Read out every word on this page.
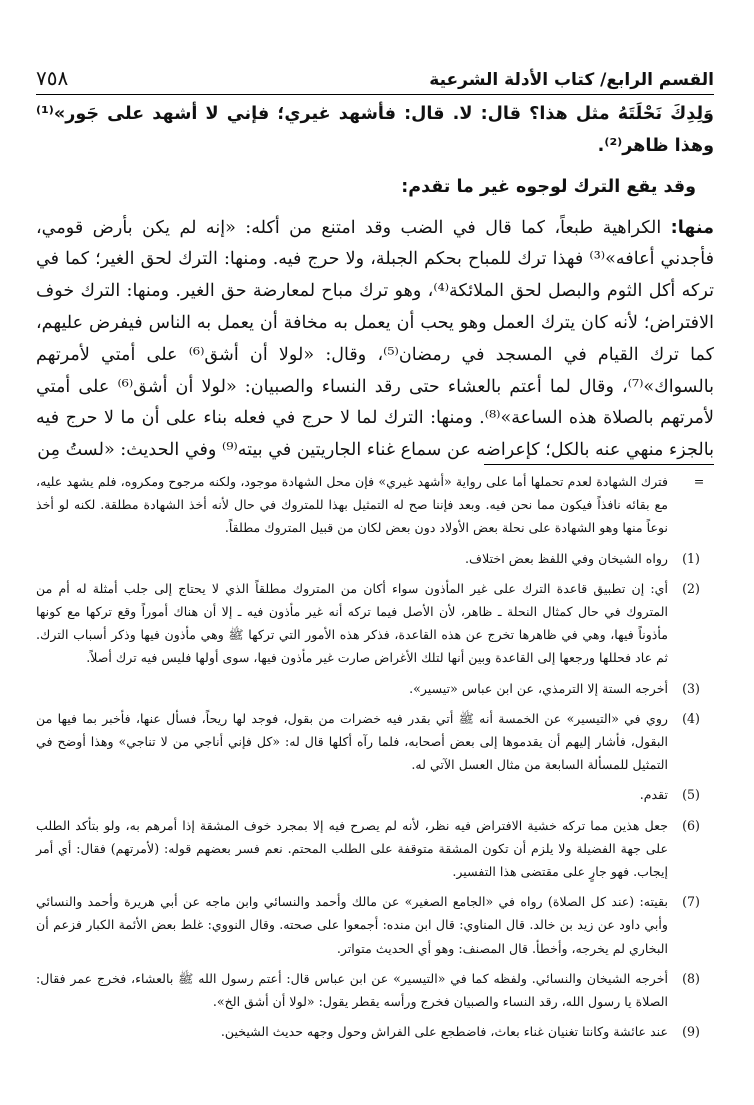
القسم الرابع/ كتاب الأدلة الشرعية
٧٥٨

وَلِدِكَ نَحْلَتَهُ مثل هذا؟ قال: لا. قال: فأشهد غيري؛ فإني لا أشهد على جَور»⁽¹⁾ وهذا ظاهر⁽²⁾.

وقد يقع الترك لوجوه غير ما تقدم:

منها: الكراهية طبعاً، كما قال في الضب وقد امتنع من أكله: «إنه لم يكن بأرض قومي، فأجدني أعافه»⁽³⁾ فهذا ترك للمباح بحكم الجبلة، ولا حرج فيه. ومنها: الترك لحق الغير؛ كما في تركه أكل الثوم والبصل لحق الملائكة⁽⁴⁾، وهو ترك مباح لمعارضة حق الغير. ومنها: الترك خوف الافتراض؛ لأنه كان يترك العمل وهو يحب أن يعمل به مخافة أن يعمل به الناس فيفرض عليهم، كما ترك القيام في المسجد في رمضان⁽⁵⁾، وقال: «لولا أن أشق⁽⁶⁾ على أمتي لأمرتهم بالسواك»⁽⁷⁾، وقال لما أعتم بالعشاء حتى رقد النساء والصبيان: «لولا أن أشق⁽⁶⁾ على أمتي لأمرتهم بالصلاة هذه الساعة»⁽⁸⁾. ومنها: الترك لما لا حرج في فعله بناء على أن ما لا حرج فيه بالجزء منهي عنه بالكل؛ كإعراضه عن سماع غناء الجاريتين في بيته⁽⁹⁾ وفي الحديث: «لستُ مِن

=
فترك الشهادة لعدم تحملها أما على رواية «أشهد غيري» فإن محل الشهادة موجود، ولكنه مرجوح ومكروه، فلم يشهد عليه، مع بقائه نافذاً فيكون مما نحن فيه. وبعد فإننا صح له التمثيل بهذا للمتروك في حال لأنه أخذ الشهادة مطلقة. لكنه لو أخذ نوعاً منها وهو الشهادة على نحلة بعض الأولاد دون بعض لكان من قبيل المتروك مطلقاً.
(1)

رواه الشيخان وفي اللفظ بعض اختلاف.

(2)

أي: إن تطبيق قاعدة الترك على غير المأذون سواء أكان من المتروك مطلقاً الذي لا يحتاج إلى جلب أمثلة له أم من المتروك في حال كمثال النحلة ـ ظاهر، لأن الأصل فيما تركه أنه غير مأذون فيه ـ إلا أن هناك أموراً وقع تركها مع كونها مأذوناً فيها، وهي في ظاهرها تخرج عن هذه القاعدة، فذكر هذه الأمور التي تركها ﷺ وهي مأذون فيها وذكر أسباب الترك. ثم عاد فحللها ورجعها إلى القاعدة وبين أنها لتلك الأغراض صارت غير مأذون فيها، سوى أولها فليس فيه ترك أصلاً.

(3)

أخرجه الستة إلا الترمذي، عن ابن عباس «تيسير».

(4)

روي في «التيسير» عن الخمسة أنه ﷺ أتي بقدر فيه خضرات من بقول، فوجد لها ريحاً، فسأل عنها، فأخبر بما فيها من البقول، فأشار إليهم أن يقدموها إلى بعض أصحابه، فلما رآه أكلها قال له: «كل فإني أناجي من لا تناجي» وهذا أوضح في التمثيل للمسألة السابعة من مثال العسل الآتي له.

(5)

تقدم.

(6)

جعل هذين مما تركه خشية الافتراض فيه نظر، لأنه لم يصرح فيه إلا بمجرد خوف المشقة إذا أمرهم به، ولو بتأكد الطلب على جهة الفضيلة ولا يلزم أن تكون المشقة متوقفة على الطلب المحتم. نعم فسر بعضهم قوله: (لأمرتهم) فقال: أي أمر إيجاب. فهو جارٍ على مقتضى هذا التفسير.

(7)

بقيته: (عند كل الصلاة) رواه في «الجامع الصغير» عن مالك وأحمد والنسائي وابن ماجه عن أبي هريرة وأحمد والنسائي وأبي داود عن زيد بن خالد. قال المناوي: قال ابن منده: أجمعوا على صحته. وقال النووي: غلط بعض الأئمة الكبار فزعم أن البخاري لم يخرجه، وأخطأ. قال المصنف: وهو أي الحديث متواتر.

(8)

أخرجه الشيخان والنسائي. ولفظه كما في «التيسير» عن ابن عباس قال: أعتم رسول الله ﷺ بالعشاء، فخرج عمر فقال: الصلاة يا رسول الله، رقد النساء والصبيان فخرج ورأسه يقطر يقول: «لولا أن أشق الخ».

(9)

عند عائشة وكانتا تغنيان غناء بعاث، فاضطجع على الفراش وحول وجهه حديث الشيخين.
